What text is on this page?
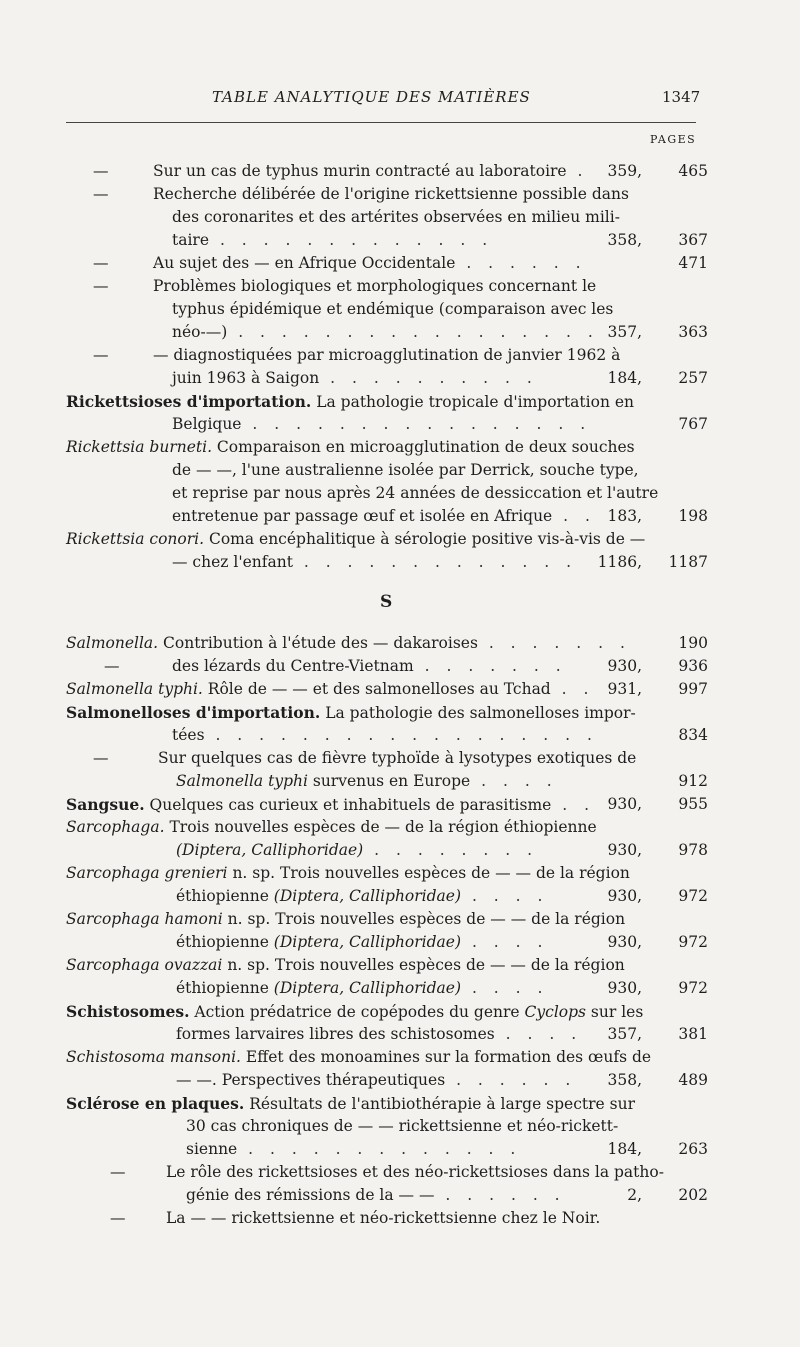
TABLE ANALYTIQUE DES MATIÈRES	1347
PAGES
S
—	Sur un cas de typhus murin contracté au laboratoire . 359, 465
—	Recherche délibérée de l'origine rickettsienne possible dans
des coronarites et des artérites observées en milieu mili-
taire . . . . . . . . . . . . .	358, 367
—	Au sujet des — en Afrique Occidentale . . . . . .	471
—	Problèmes biologiques et morphologiques concernant le
typhus épidémique et endémique (comparaison avec les
néo-—) . . . . . . . . . . . . . . . . . 357, 363
—	— diagnostiquées par microagglutination de janvier 1962 à
juin 1963 à Saigon . . . . . . . . . .	184, 257
Rickettsioses d'importation. La pathologie tropicale d'importation en
Belgique . . . . . . . . . . . . . . . .	767
Rickettsia burneti. Comparaison en microagglutination de deux souches
de — —, l'une australienne isolée par Derrick, souche type,
et reprise par nous après 24 années de dessiccation et l'autre
entretenue par passage œuf et isolée en Afrique . . 183, 198
Rickettsia conori. Coma encéphalitique à sérologie positive vis-à-vis de —
— chez l'enfant . . . . . . . . . . . . . 1186, 1187
Salmonella. Contribution à l'étude des — dakaroises . . . . . . .	190
—	des lézards du Centre-Vietnam . . . . . . .	930, 936
Salmonella typhi. Rôle de — — et des salmonelloses au Tchad . . 931, 997
Salmonelloses d'importation. La pathologie des salmonelloses impor-
tées . . . . . . . . . . . . . . . . . .	834
—	Sur quelques cas de fièvre typhoïde à lysotypes exotiques de
Salmonella typhi survenus en Europe . . . .	912
Sangsue. Quelques cas curieux et inhabituels de parasitisme . . 930, 955
Sarcophaga. Trois nouvelles espèces de — de la région éthiopienne
(Diptera, Calliphoridae) . . . . . . . .	930, 978
Sarcophaga grenieri n. sp. Trois nouvelles espèces de — — de la région
éthiopienne (Diptera, Calliphoridae) . . . .	930, 972
Sarcophaga hamoni n. sp. Trois nouvelles espèces de — — de la région
éthiopienne (Diptera, Calliphoridae) . . . .	930, 972
Sarcophaga ovazzai n. sp. Trois nouvelles espèces de — — de la région
éthiopienne (Diptera, Calliphoridae) . . . .	930, 972
Schistosomes. Action prédatrice de copépodes du genre Cyclops sur les
formes larvaires libres des schistosomes . . . . 357, 381
Schistosoma mansoni. Effet des monoamines sur la formation des œufs de
— —. Perspectives thérapeutiques . . . . . . 358, 489
Sclérose en plaques. Résultats de l'antibiothérapie à large spectre sur
30 cas chroniques de — — rickettsienne et néo-rickett-
sienne . . . . . . . . . . . . .	184, 263
—	Le rôle des rickettsioses et des néo-rickettsioses dans la patho-
génie des rémissions de la — — . . . . . .	2, 202
—	La — — rickettsienne et néo-rickettsienne chez le Noir.
